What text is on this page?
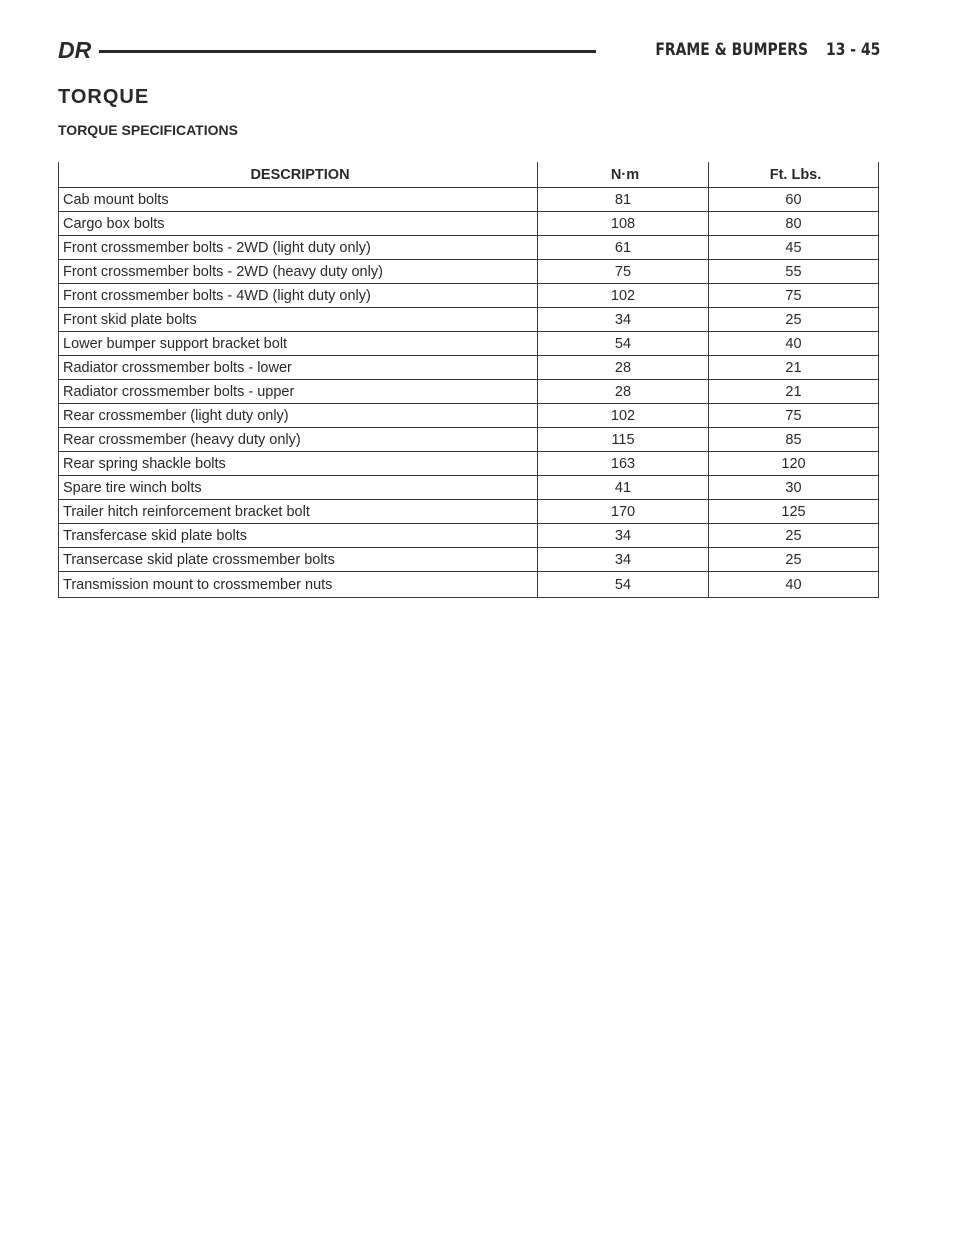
DR	FRAME & BUMPERS 13 - 45
TORQUE
TORQUE SPECIFICATIONS
DESCRIPTION	N·m	Ft. Lbs.
Cab mount bolts	81	60
Cargo box bolts	108	80
Front crossmember bolts - 2WD (light duty only)	61	45
Front crossmember bolts - 2WD (heavy duty only)	75	55
Front crossmember bolts - 4WD (light duty only)	102	75
Front skid plate bolts	34	25
Lower bumper support bracket bolt	54	40
Radiator crossmember bolts - lower	28	21
Radiator crossmember bolts - upper	28	21
Rear crossmember (light duty only)	102	75
Rear crossmember (heavy duty only)	115	85
Rear spring shackle bolts	163	120
Spare tire winch bolts	41	30
Trailer hitch reinforcement bracket bolt	170	125
Transfercase skid plate bolts	34	25
Transercase skid plate crossmember bolts	34	25
Transmission mount to crossmember nuts	54	40
